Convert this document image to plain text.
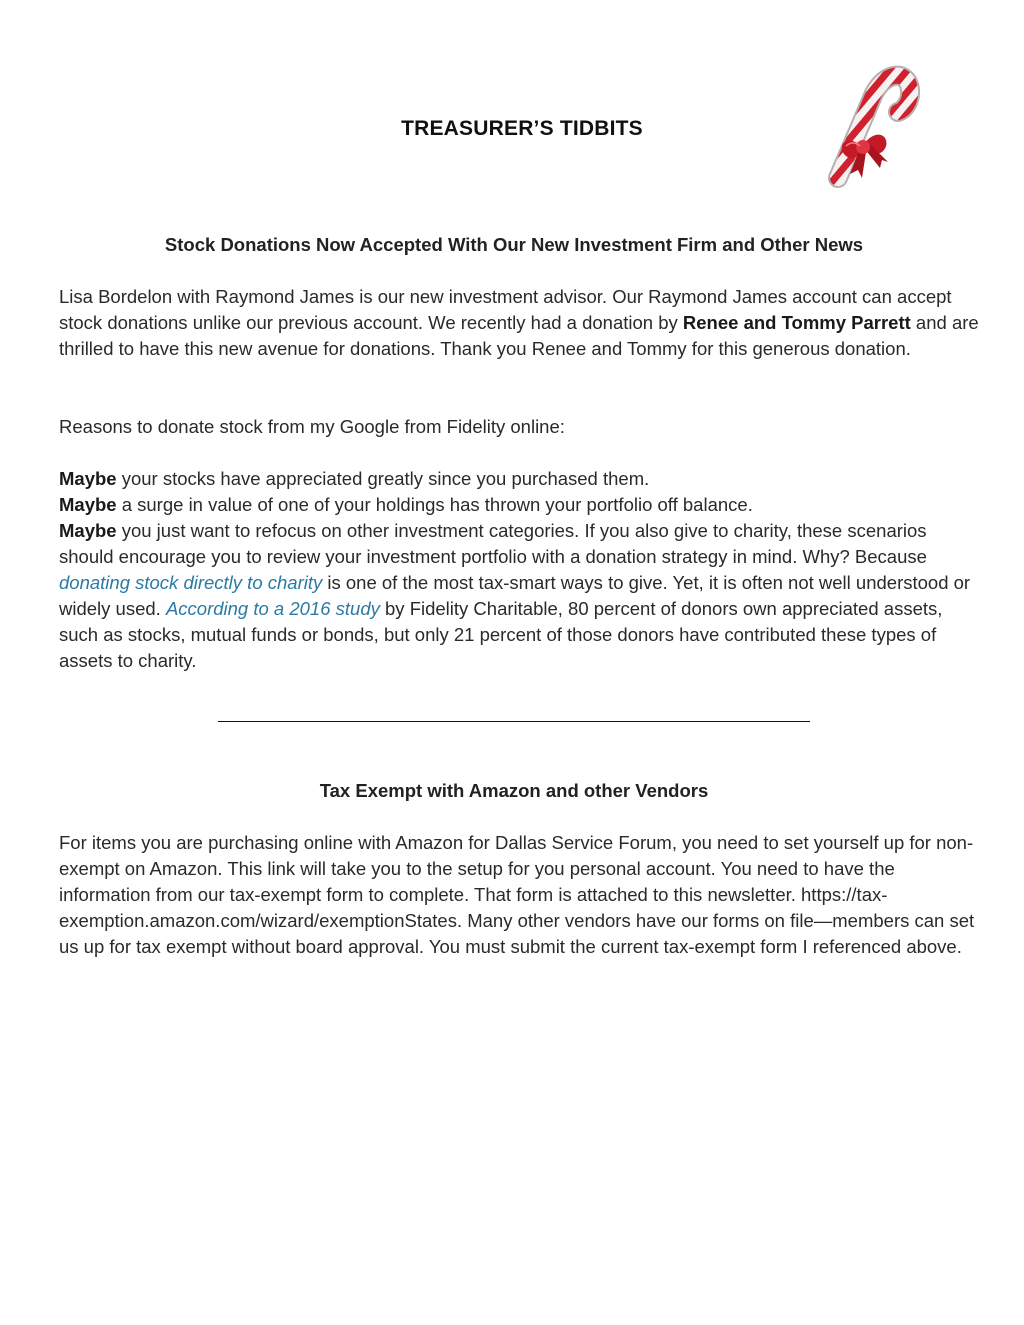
TREASURER’S TIDBITS
Stock Donations Now Accepted With Our New Investment Firm and Other News
Lisa Bordelon with Raymond James is our new investment advisor. Our Raymond James account can accept stock donations unlike our previous account. We recently had a donation by Renee and Tommy Parrett and are thrilled to have this new avenue for donations. Thank you Renee and Tommy for this generous donation.
Reasons to donate stock from my Google from Fidelity online:
Maybe your stocks have appreciated greatly since you purchased them.
Maybe a surge in value of one of your holdings has thrown your portfolio off balance.
Maybe you just want to refocus on other investment categories. If you also give to charity, these scenarios should encourage you to review your investment portfolio with a donation strategy in mind. Why? Because donating stock directly to charity is one of the most tax-smart ways to give. Yet, it is often not well understood or widely used. According to a 2016 study by Fidelity Charitable, 80 percent of donors own appreciated assets, such as stocks, mutual funds or bonds, but only 21 percent of those donors have contributed these types of assets to charity.
Tax Exempt with Amazon and other Vendors
For items you are purchasing online with Amazon for Dallas Service Forum, you need to set yourself up for non-exempt on Amazon. This link will take you to the setup for you personal account. You need to have the information from our tax-exempt form to complete. That form is attached to this newsletter. https://tax-exemption.amazon.com/wizard/exemptionStates. Many other vendors have our forms on file—members can set us up for tax exempt without board approval. You must submit the current tax-exempt form I referenced above.
